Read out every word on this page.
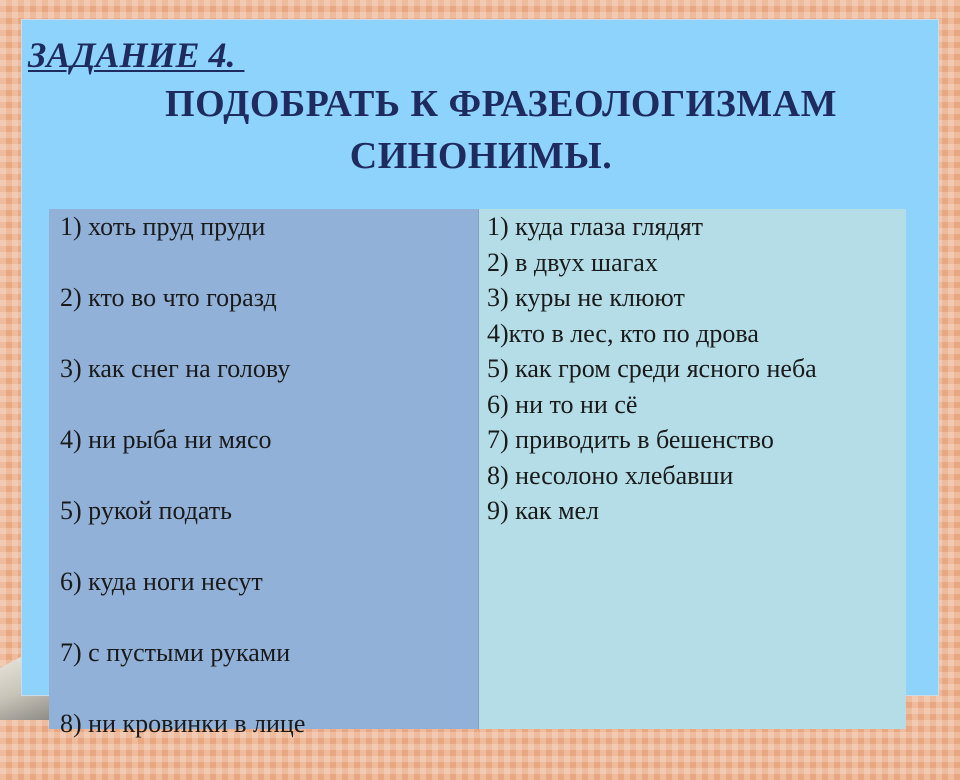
ЗАДАНИЕ 4.
ПОДОБРАТЬ К ФРАЗЕОЛОГИЗМАМ
СИНОНИМЫ.
1) хоть пруд пруди
2) кто во что горазд
3) как снег на голову
4) ни рыба ни мясо
5) рукой подать
6) куда ноги несут
7) с пустыми руками
8) ни кровинки в лице
1) куда глаза глядят
2) в двух шагах
3) куры не клюют
4)кто в лес, кто по дрова
5) как гром среди ясного неба
6) ни то ни сё
7) приводить в бешенство
8) несолоно хлебавши
9) как мел
